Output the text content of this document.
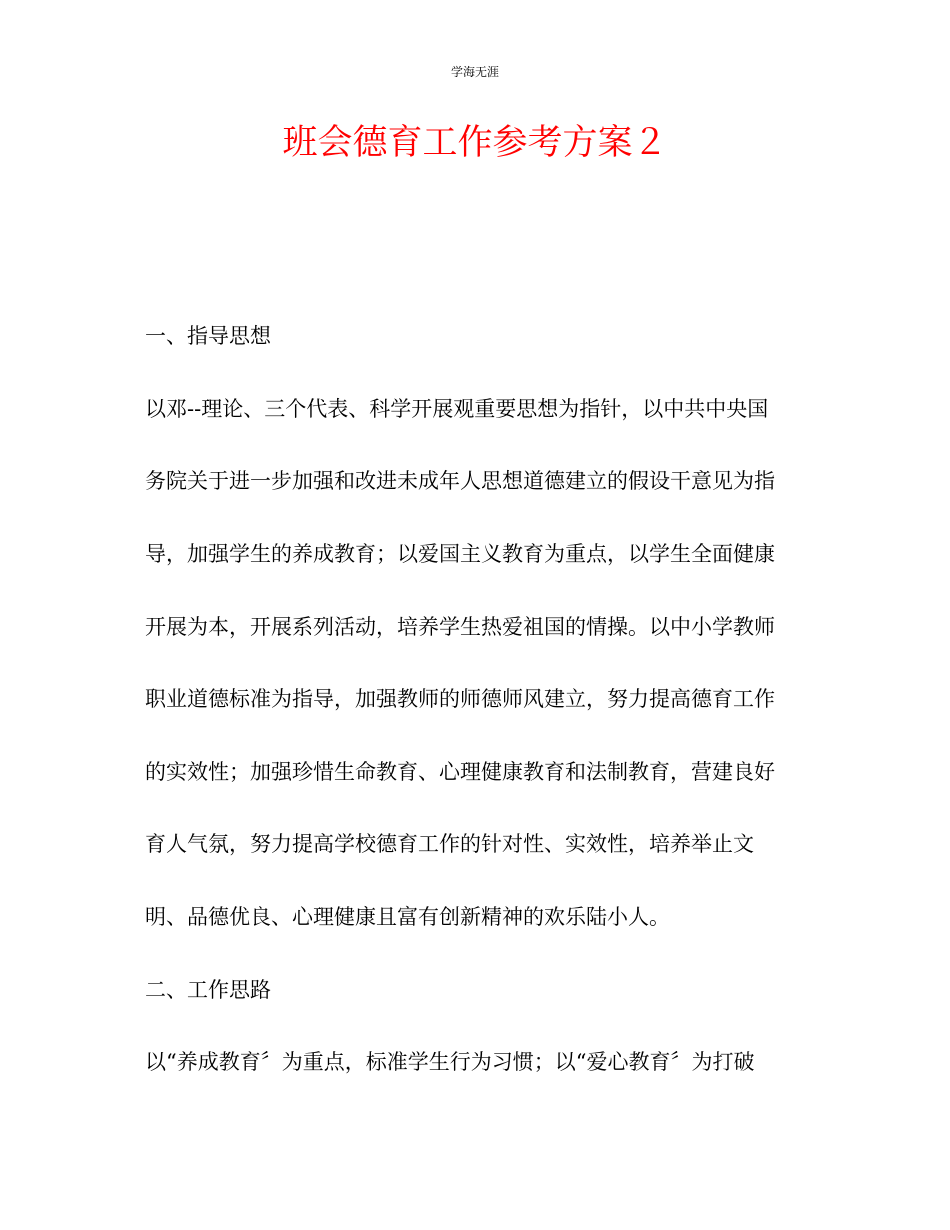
学海无涯
班会德育工作参考方案２
一、指导思想
以邓--理论、三个代表、科学开展观重要思想为指针，以中共中央国
务院关于进一步加强和改进未成年人思想道德建立的假设干意见为指
导，加强学生的养成教育；以爱国主义教育为重点，以学生全面健康
开展为本，开展系列活动，培养学生热爱祖国的情操。以中小学教师
职业道德标准为指导，加强教师的师德师风建立，努力提高德育工作
的实效性；加强珍惜生命教育、心理健康教育和法制教育，营建良好
育人气氛，努力提高学校德育工作的针对性、实效性，培养举止文
明、品德优良、心理健康且富有创新精神的欢乐陆小人。
二、工作思路
以“养成教育〞为重点，标准学生行为习惯；以“爱心教育〞为打破
